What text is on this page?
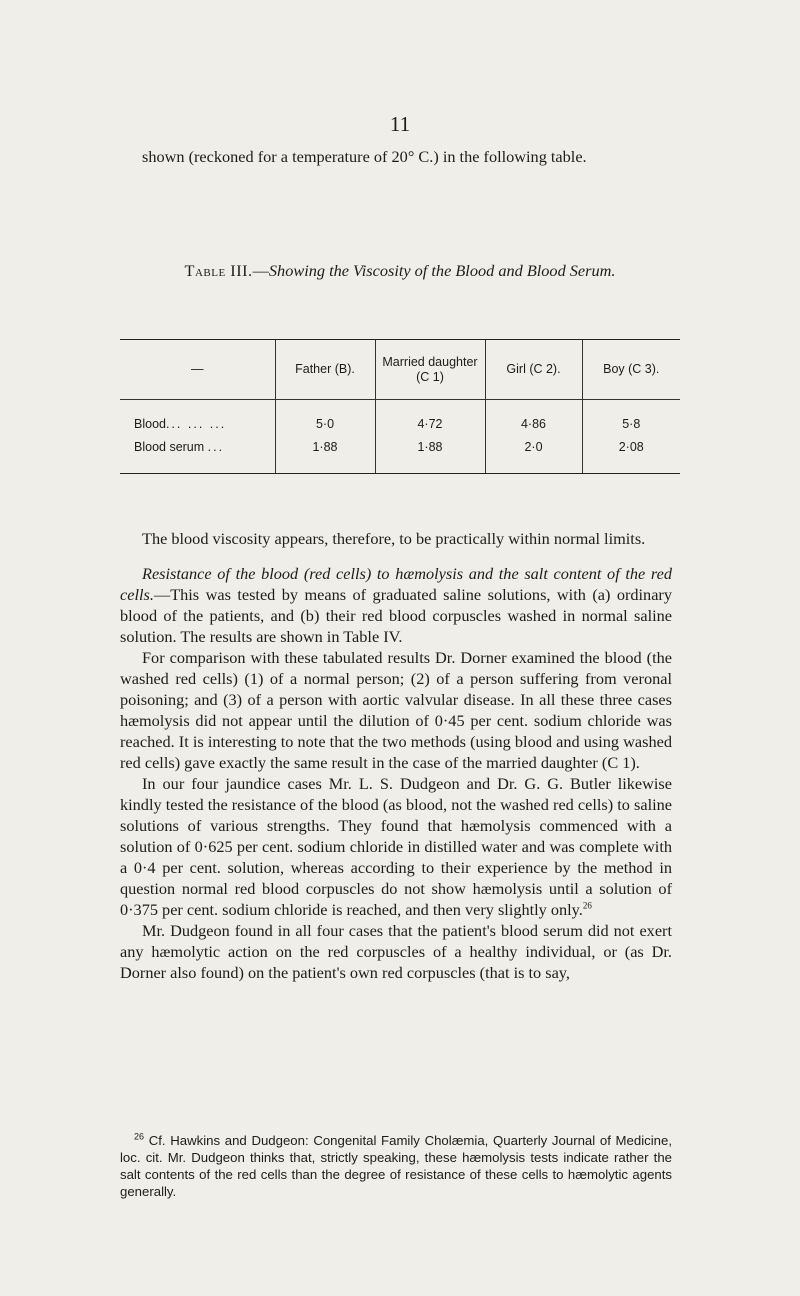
11

shown (reckoned for a temperature of 20° C.) in the following table.

Table III.—Showing the Viscosity of the Blood and Blood Serum.
—	Father (B).	Married daughter (C 1)	Girl (C 2).	Boy (C 3).
Blood... ... ...	5·0	4·72	4·86	5·8
Blood serum ...	1·88	1·88	2·0	2·08

The blood viscosity appears, therefore, to be practically within normal limits.

Resistance of the blood (red cells) to hæmolysis and the salt content of the red cells.—This was tested by means of graduated saline solutions, with (a) ordinary blood of the patients, and (b) their red blood corpuscles washed in normal saline solution. The results are shown in Table IV.

For comparison with these tabulated results Dr. Dorner examined the blood (the washed red cells) (1) of a normal person; (2) of a person suffering from veronal poisoning; and (3) of a person with aortic valvular disease. In all these three cases hæmolysis did not appear until the dilution of 0·45 per cent. sodium chloride was reached. It is interesting to note that the two methods (using blood and using washed red cells) gave exactly the same result in the case of the married daughter (C 1).

In our four jaundice cases Mr. L. S. Dudgeon and Dr. G. G. Butler likewise kindly tested the resistance of the blood (as blood, not the washed red cells) to saline solutions of various strengths. They found that hæmolysis commenced with a solution of 0·625 per cent. sodium chloride in distilled water and was complete with a 0·4 per cent. solution, whereas according to their experience by the method in question normal red blood corpuscles do not show hæmolysis until a solution of 0·375 per cent. sodium chloride is reached, and then very slightly only.$^{26}$

Mr. Dudgeon found in all four cases that the patient's blood serum did not exert any hæmolytic action on the red corpuscles of a healthy individual, or (as Dr. Dorner also found) on the patient's own red corpuscles (that is to say,

$^{26}$ Cf. Hawkins and Dudgeon: Congenital Family Cholæmia, Quarterly Journal of Medicine, loc. cit. Mr. Dudgeon thinks that, strictly speaking, these hæmolysis tests indicate rather the salt contents of the red cells than the degree of resistance of these cells to hæmolytic agents generally.
